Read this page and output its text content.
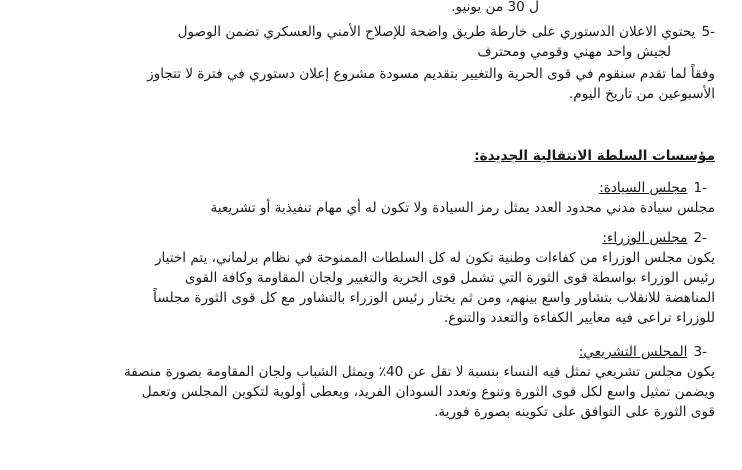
ل 30 من يونيو.
-5يحتوي الاعلان الدستوري على خارطة طريق واضحة للإصلاح الأمني والعسكري تضمن الوصول
لجيش واحد مهني وقومي ومحترف
وفقاً لما تقدم سنقوم في قوى الحرية والتغيير بتقديم مسودة مشروع إعلان دستوري في فترة لا تتجاوز
الأسبوعين من تاريخ اليوم.
مؤسسات السلطة الانتقالية الجديدة:
-1مجلس السيادة:
مجلس سيادة مدني محدود العدد يمثل رمز السيادة ولا تكون له أي مهام تنفيذية أو تشريعية
-2مجلس الوزراء:
يكون مجلس الوزراء من كفاءات وطنية تكون له كل السلطات الممنوحة في نظام برلماني، يتم اختيار
رئيس الوزراء بواسطة قوى الثورة التي تشمل قوى الحرية والتغيير ولجان المقاومة وكافة القوى
المناهضة للانقلاب بتشاور واسع بينهم، ومن ثم يختار رئيس الوزراء بالتشاور مع كل قوى الثورة مجلساً
للوزراء تراعى فيه معايير الكفاءة والتعدد والتنوع.
-3المجلس التشريعي:
يكون مجلس تشريعي تمثل فيه النساء بنسبة لا تقل عن 40٪ ويمثل الشباب ولجان المقاومة بصورة منصفة
ويضمن تمثيل واسع لكل قوى الثورة وتنوع وتعدد السودان الفريد، ويعطى أولوية لتكوين المجلس وتعمل
قوى الثورة على التوافق على تكوينه بصورة فورية.
